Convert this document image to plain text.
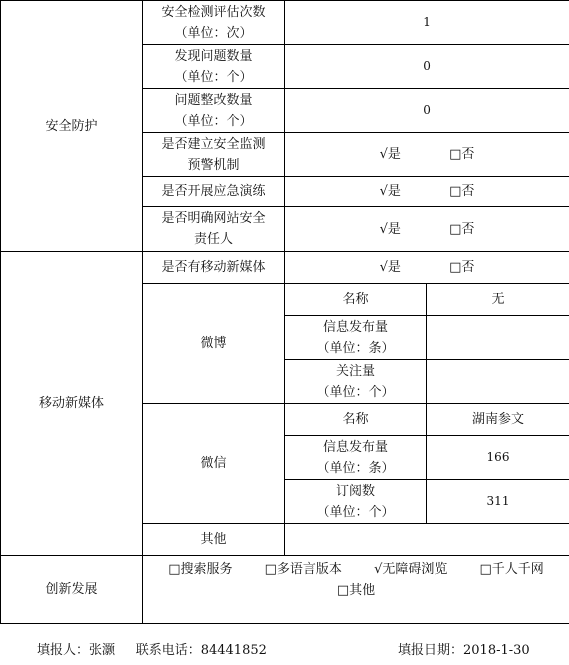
安全防护	安全检测评估次数
（单位：次）	1	

	发现问题数量
（单位：个）	0	

	问题整改数量
（单位：个）	0	

	是否建立安全监测
预警机制	√是 □否	
	是否开展应急演练	√是 □否	

	是否明确网站安全
责任人	√是 □否	
移动新媒体	是否有移动新媒体	√是 □否	
	微博	名称	无

		信息发布量
（单位：条）	

		关注量
（单位：个）	

	微信	名称	湖南参文

		信息发布量
（单位：条）	166

		订阅数
（单位：个）	311
	其他		
创新发展	□搜索服务 □多语言版本 √无障碍浏览 □千人千网
□其他		
填报人：张灏 联系电话：84441852	填报日期：2018-1-30
